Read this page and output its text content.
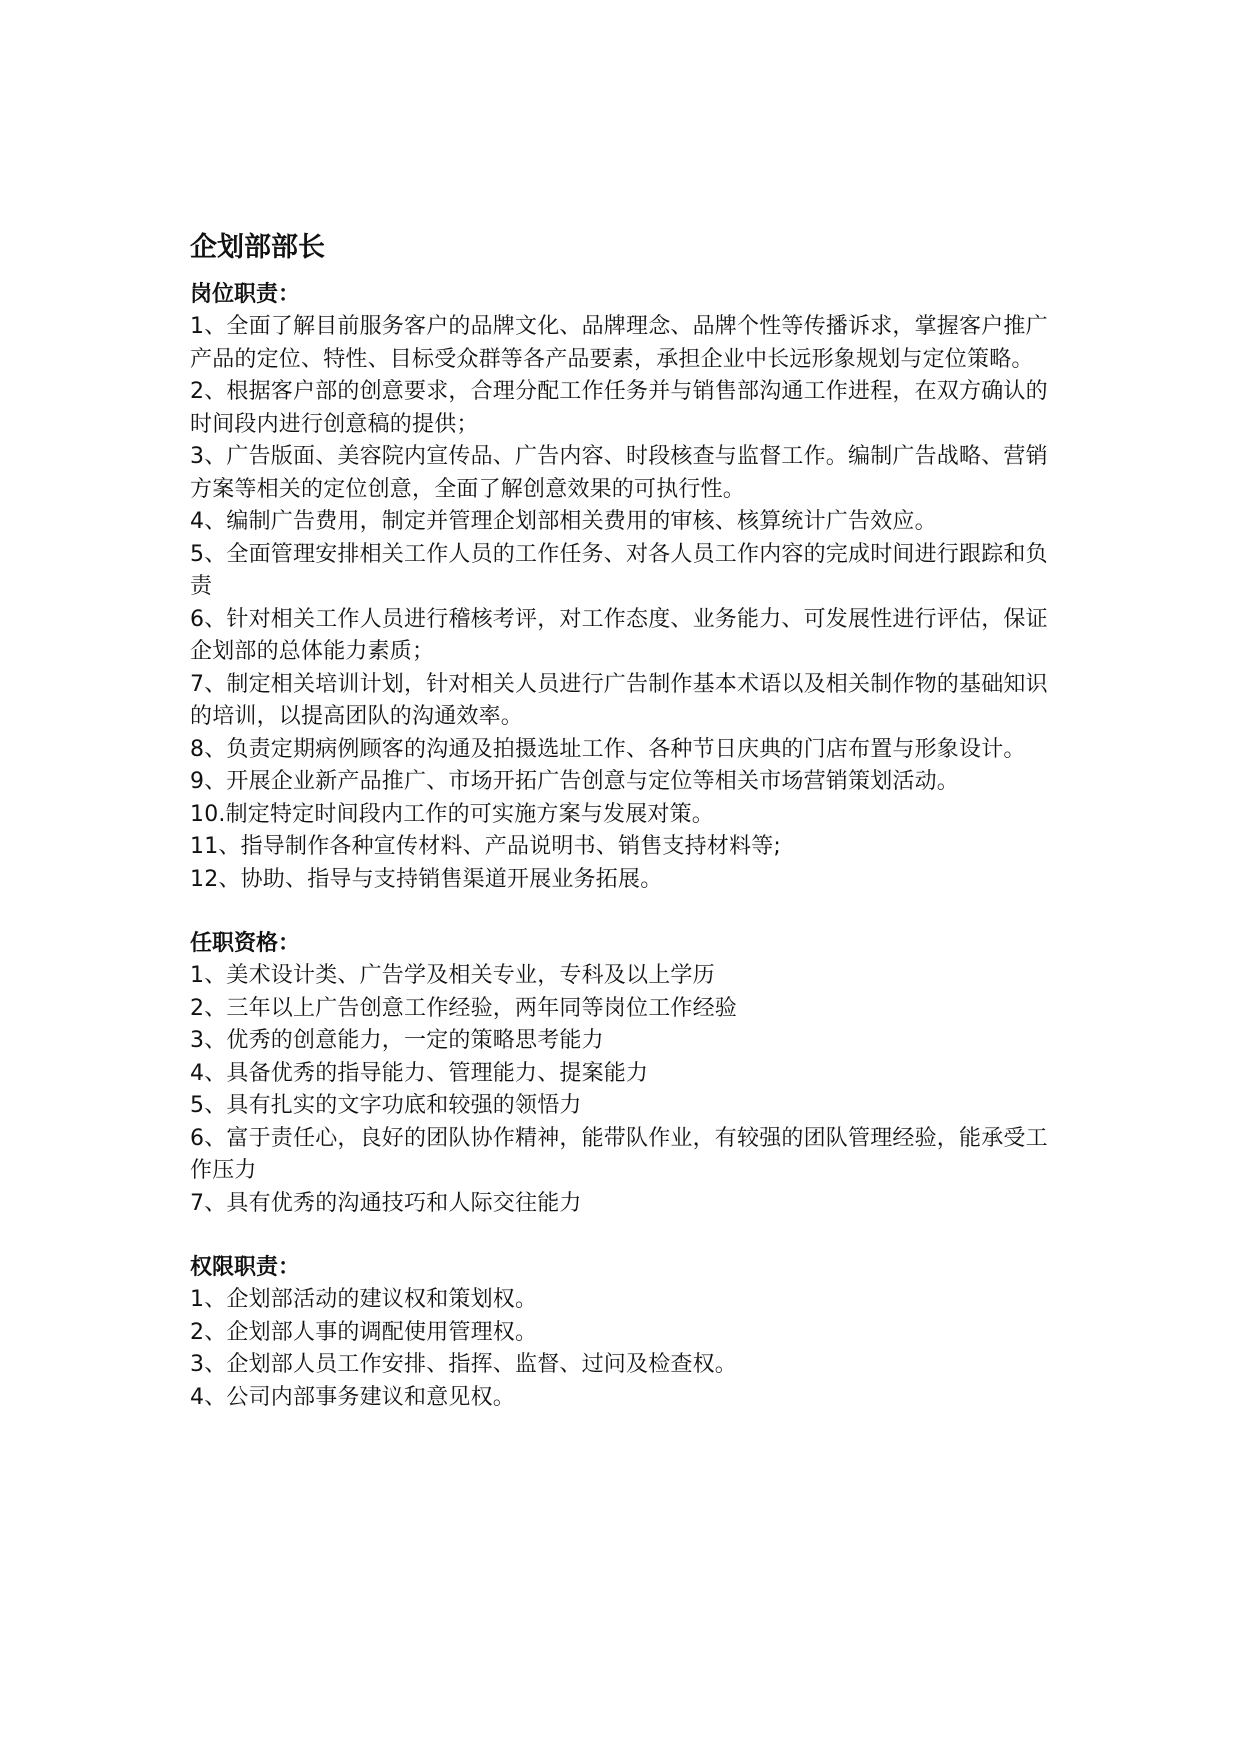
企划部部长

岗位职责：

1、全面了解目前服务客户的品牌文化、品牌理念、品牌个性等传播诉求，掌握客户推广产品的定位、特性、目标受众群等各产品要素，承担企业中长远形象规划与定位策略。

2、根据客户部的创意要求，合理分配工作任务并与销售部沟通工作进程，在双方确认的时间段内进行创意稿的提供；

3、广告版面、美容院内宣传品、广告内容、时段核查与监督工作。编制广告战略、营销方案等相关的定位创意，全面了解创意效果的可执行性。

4、编制广告费用，制定并管理企划部相关费用的审核、核算统计广告效应。

5、全面管理安排相关工作人员的工作任务、对各人员工作内容的完成时间进行跟踪和负责

6、针对相关工作人员进行稽核考评，对工作态度、业务能力、可发展性进行评估，保证企划部的总体能力素质；

7、制定相关培训计划，针对相关人员进行广告制作基本术语以及相关制作物的基础知识的培训，以提高团队的沟通效率。

8、负责定期病例顾客的沟通及拍摄选址工作、各种节日庆典的门店布置与形象设计。

9、开展企业新产品推广、市场开拓广告创意与定位等相关市场营销策划活动。

10.制定特定时间段内工作的可实施方案与发展对策。

11、指导制作各种宣传材料、产品说明书、销售支持材料等;

12、协助、指导与支持销售渠道开展业务拓展。

任职资格：

1、美术设计类、广告学及相关专业，专科及以上学历

2、三年以上广告创意工作经验，两年同等岗位工作经验

3、优秀的创意能力，一定的策略思考能力

4、具备优秀的指导能力、管理能力、提案能力

5、具有扎实的文字功底和较强的领悟力

6、富于责任心，良好的团队协作精神，能带队作业，有较强的团队管理经验，能承受工作压力

7、具有优秀的沟通技巧和人际交往能力

权限职责：

1、企划部活动的建议权和策划权。

2、企划部人事的调配使用管理权。

3、企划部人员工作安排、指挥、监督、过问及检查权。

4、公司内部事务建议和意见权。
